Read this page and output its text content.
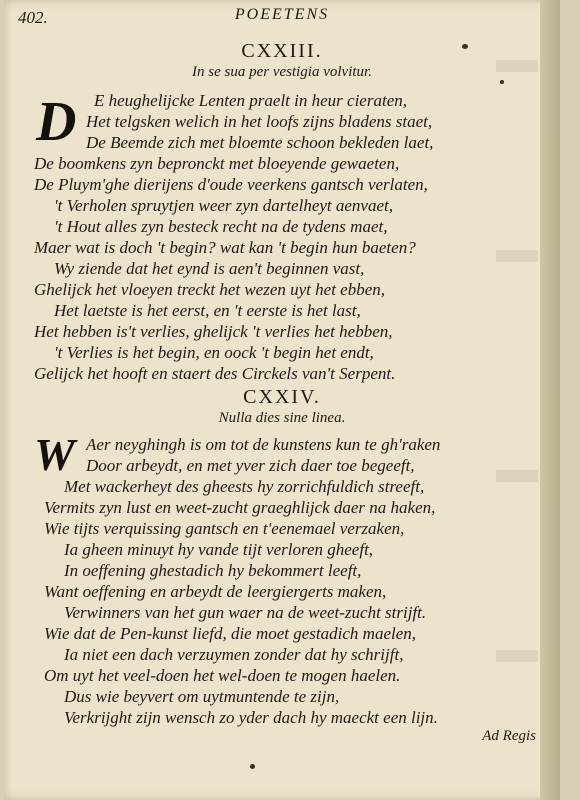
402.	POEETENS
CXXIII.
In se sua per vestigia volvitur.
D E heughelijcke Lenten praelt in heur cieraten,
Het telgsken welich in het loofs zijns bladens staet,
De Beemde zich met bloemte schoon bekleden laet,
De boomkens zyn bepronckt met bloeyende gewaeten,
De Pluym'ghe dierijens d'oude veerkens gantsch verlaten,
't Verholen spruytjen weer zyn dartelheyt aenvaet,
't Hout alles zyn besteck recht na de tydens maet,
Maer wat is doch 't begin? wat kan 't begin hun baeten?
Wy ziende dat het eynd is aen't beginnen vast,
Ghelijck het vloeyen treckt het wezen uyt het ebben,
Het laetste is het eerst, en 't eerste is het last,
Het hebben is't verlies, ghelijck 't verlies het hebben,
't Verlies is het begin, en oock 't begin het endt,
Gelijck het hooft en staert des Circkels van't Serpent.
CXXIV.
Nulla dies sine linea.
W Aer neyghingh is om tot de kunstens kun te gh'raken
Door arbeydt, en met yver zich daer toe begeeft,
Met wackerheyt des gheests hy zorrichfuldich streeft,
Vermits zyn lust en weet-zucht graeghlijck daer na haken,
Wie tijts verquissing gantsch en t'eenemael verzaken,
Ia gheen minuyt hy vande tijt verloren gheeft,
In oeffening ghestadich hy bekommert leeft,
Want oeffening en arbeydt de leergiergerts maken,
Verwinners van het gun waer na de weet-zucht strijft.
Wie dat de Pen-kunst liefd, die moet gestadich maelen,
Ia niet een dach verzuymen zonder dat hy schrijft,
Om uyt het veel-doen het wel-doen te mogen haelen.
Dus wie beyvert om uytmuntende te zijn,
Verkrijght zijn wensch zo yder dach hy maeckt een lijn.
Ad Regis
